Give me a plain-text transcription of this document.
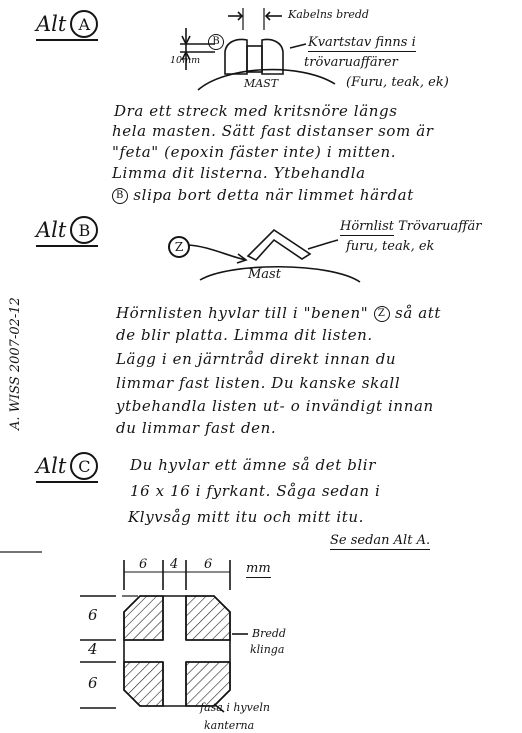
A. WISS 2007-02-12
Alt A	Kabelns bredd
B
10mm
MAST
Kvartstav finns i
trövaruaffärer
(Furu, teak, ek)
Dra ett streck med kritsnöre längs
hela masten. Sätt fast distanser som är
"feta" (epoxin fäster inte) i mitten.
Limma dit listerna. Ytbehandla
B slipa bort detta när limmet härdat
Alt B
Z
Hörnlist Trövaruaffär
furu, teak, ek
Mast
Hörnlisten hyvlar till i "benen" Z så att
de blir platta. Limma dit listen.
Lägg i en järntråd direkt innan du
limmar fast listen. Du kanske skall
ytbehandla listen ut- o invändigt innan
du limmar fast den.
Alt C	Du hyvlar ett ämne så det blir
16 x 16 i fyrkant. Såga sedan i
Klyvsåg mitt itu och mitt itu.
Se sedan Alt A.
6 4 6	mm
6
4
6
Bredd
klinga
fasa i hyveln
kanterna
